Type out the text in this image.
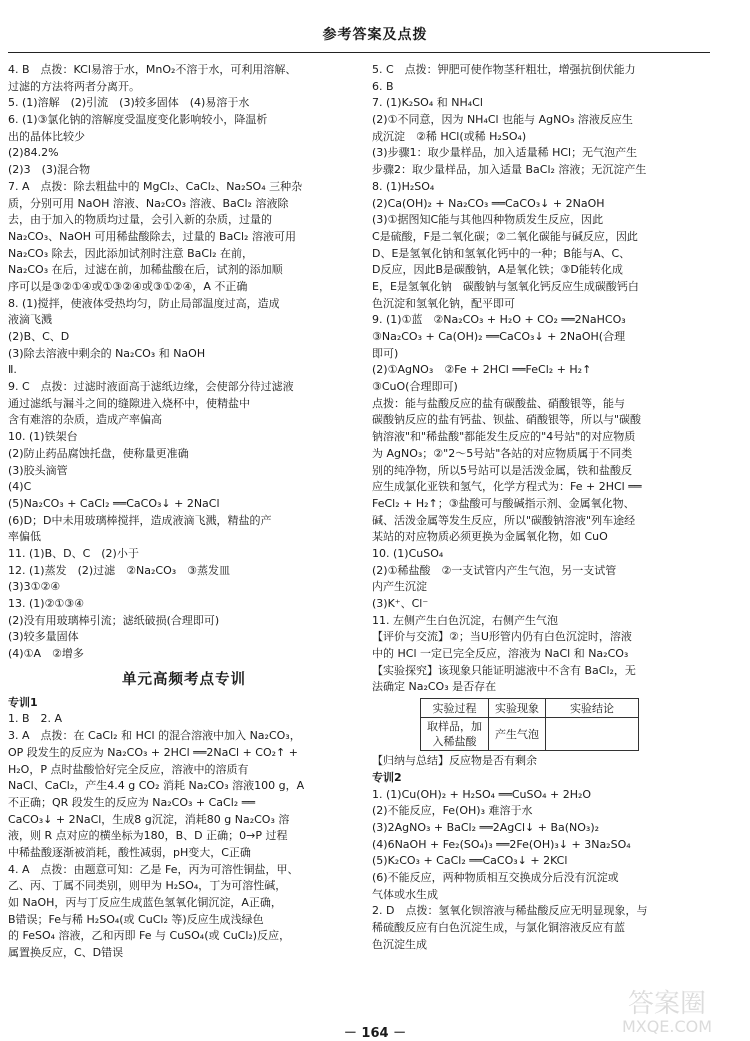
参考答案及点拨
4. B　点拨：KCl易溶于水，MnO₂不溶于水，可利用溶解、
过滤的方法将两者分离开。
5. (1)溶解　(2)引流　(3)较多固体　(4)易溶于水
6. (1)③氯化钠的溶解度受温度变化影响较小，降温析
出的晶体比较少
(2)84.2%
(2)3　(3)混合物
7. A　点拨：除去粗盐中的 MgCl₂、CaCl₂、Na₂SO₄ 三种杂
质，分别可用 NaOH 溶液、Na₂CO₃ 溶液、BaCl₂ 溶液除
去，由于加入的物质均过量，会引入新的杂质，过量的
Na₂CO₃、NaOH 可用稀盐酸除去，过量的 BaCl₂ 溶液可用
Na₂CO₃ 除去，因此添加试剂时注意 BaCl₂ 在前，
Na₂CO₃ 在后，过滤在前，加稀盐酸在后，试剂的添加顺
序可以是③②①④或①③②④或③①②④，A 不正确
8. (1)搅拌，使液体受热均匀，防止局部温度过高，造成
液滴飞溅
(2)B、C、D
(3)除去溶液中剩余的 Na₂CO₃ 和 NaOH
Ⅱ.
9. C　点拨：过滤时液面高于滤纸边缘，会使部分待过滤液
通过滤纸与漏斗之间的缝隙进入烧杯中，使精盐中
含有难溶的杂质，造成产率偏高
10. (1)铁架台
(2)防止药品腐蚀托盘，使称量更准确
(3)胶头滴管
(4)C
(5)Na₂CO₃ + CaCl₂ ══CaCO₃↓ + 2NaCl
(6)D；D中未用玻璃棒搅拌，造成液滴飞溅，精盐的产
率偏低
11. (1)B、D、C　(2)小于
12. (1)蒸发　(2)过滤　②Na₂CO₃　③蒸发皿
(3)3①②④
13. (1)②①③④
(2)没有用玻璃棒引流；滤纸破损(合理即可)
(3)较多量固体
(4)①A　②增多
单元高频考点专训
专训1
1. B　2. A
3. A　点拨：在 CaCl₂ 和 HCl 的混合溶液中加入 Na₂CO₃，
OP 段发生的反应为 Na₂CO₃ + 2HCl ══2NaCl + CO₂↑ +
H₂O，P 点时盐酸恰好完全反应，溶液中的溶质有
NaCl、CaCl₂，产生4.4 g CO₂ 消耗 Na₂CO₃ 溶液100 g，A
不正确；QR 段发生的反应为 Na₂CO₃ + CaCl₂ ══
CaCO₃↓ + 2NaCl，生成8 g沉淀，消耗80 g Na₂CO₃ 溶
液，则 R 点对应的横坐标为180，B、D 正确；0→P 过程
中稀盐酸逐渐被消耗，酸性减弱，pH变大，C正确
4. A　点拨：由题意可知：乙是 Fe，丙为可溶性铜盐，甲、
乙、丙、丁属不同类别，则甲为 H₂SO₄，丁为可溶性碱，
如 NaOH，丙与丁反应生成蓝色氢氧化铜沉淀，A正确，
B错误；Fe与稀 H₂SO₄(或 CuCl₂ 等)反应生成浅绿色
的 FeSO₄ 溶液，乙和丙即 Fe 与 CuSO₄(或 CuCl₂)反应，
属置换反应，C、D错误
5. C　点拨：钾肥可使作物茎秆粗壮，增强抗倒伏能力
6. B
7. (1)K₂SO₄ 和 NH₄Cl
(2)①不同意，因为 NH₄Cl 也能与 AgNO₃ 溶液反应生
成沉淀　②稀 HCl(或稀 H₂SO₄)
(3)步骤1：取少量样品，加入适量稀 HCl；无气泡产生
步骤2：取少量样品，加入适量 BaCl₂ 溶液；无沉淀产生
8. (1)H₂SO₄
(2)Ca(OH)₂ + Na₂CO₃ ══CaCO₃↓ + 2NaOH
(3)①据图知C能与其他四种物质发生反应，因此
C是硫酸，F是二氧化碳；②二氧化碳能与碱反应，因此
D、E是氢氧化钠和氢氧化钙中的一种；B能与A、C、
D反应，因此B是碳酸钠，A是氧化铁；③D能转化成
E，E是氢氧化钠　碳酸钠与氢氧化钙反应生成碳酸钙白
色沉淀和氢氧化钠，配平即可
9. (1)①蓝　②Na₂CO₃ + H₂O + CO₂ ══2NaHCO₃
③Na₂CO₃ + Ca(OH)₂ ══CaCO₃↓ + 2NaOH(合理
即可)
(2)①AgNO₃　②Fe + 2HCl ══FeCl₂ + H₂↑
③CuO(合理即可)
点拨：能与盐酸反应的盐有碳酸盐、硝酸银等，能与
碳酸钠反应的盐有钙盐、钡盐、硝酸银等，所以与"碳酸
钠溶液"和"稀盐酸"都能发生反应的"4号站"的对应物质
为 AgNO₃；②"2～5号站"各站的对应物质属于不同类
别的纯净物，所以5号站可以是活泼金属，铁和盐酸反
应生成氯化亚铁和氢气，化学方程式为：Fe + 2HCl ══
FeCl₂ + H₂↑；③盐酸可与酸碱指示剂、金属氧化物、
碱、活泼金属等发生反应，所以"碳酸钠溶液"列车途经
某站的对应物质必须更换为金属氧化物，如 CuO
10. (1)CuSO₄
(2)①稀盐酸　②一支试管内产生气泡，另一支试管
内产生沉淀
(3)K⁺、Cl⁻
11. 左侧产生白色沉淀，右侧产生气泡
【评价与交流】②；当U形管内仍有白色沉淀时，溶液
中的 HCl 一定已完全反应，溶液为 NaCl 和 Na₂CO₃
【实验探究】该现象只能证明滤液中不含有 BaCl₂，无
法确定 Na₂CO₃ 是否存在
实验过程	实验现象	实验结论

取样品，加
入稀盐酸	产生气泡	
【归纳与总结】反应物是否有剩余
专训2
1. (1)Cu(OH)₂ + H₂SO₄ ══CuSO₄ + 2H₂O
(2)不能反应，Fe(OH)₃ 难溶于水
(3)2AgNO₃ + BaCl₂ ══2AgCl↓ + Ba(NO₃)₂
(4)6NaOH + Fe₂(SO₄)₃ ══2Fe(OH)₃↓ + 3Na₂SO₄
(5)K₂CO₃ + CaCl₂ ══CaCO₃↓ + 2KCl
(6)不能反应，两种物质相互交换成分后没有沉淀或
气体或水生成
2. D　点拨：氢氧化钡溶液与稀盐酸反应无明显现象，与
稀硫酸反应有白色沉淀生成，与氯化铜溶液反应有蓝
色沉淀生成
－ 164 －
答案圈
MXQE.COM
